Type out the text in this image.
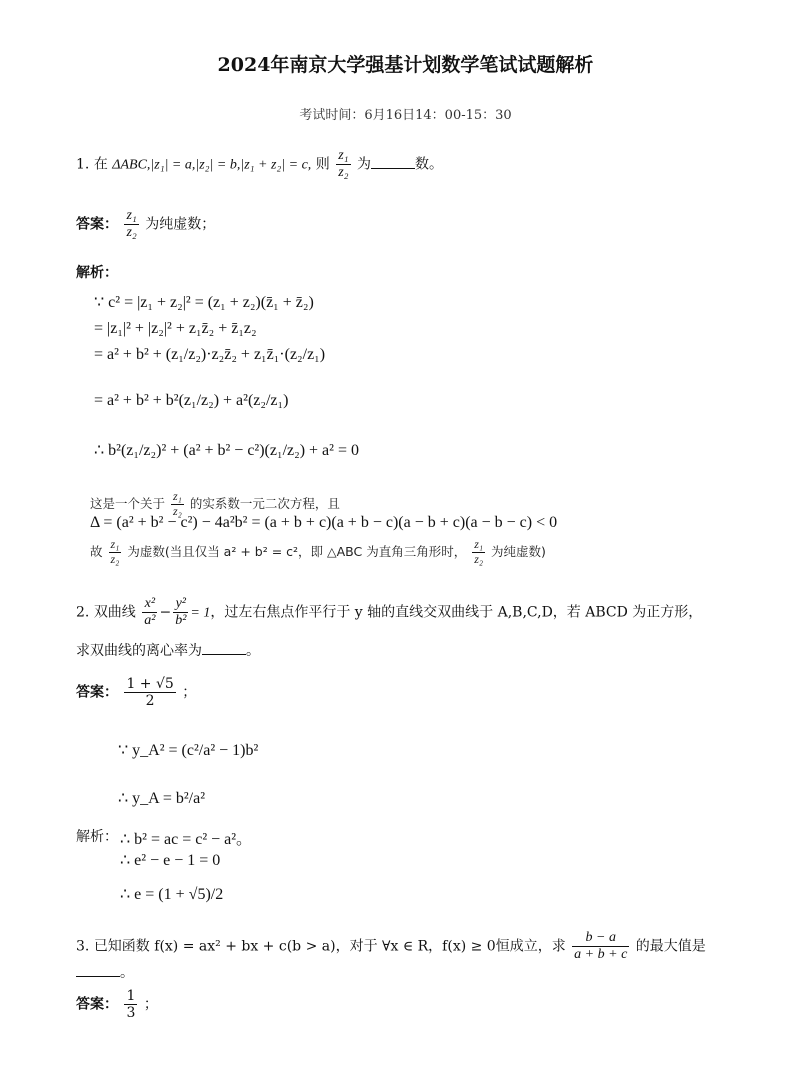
2024年南京大学强基计划数学笔试试题解析
考试时间：6月16日14：00-15：30
1. 在 ΔABC,|z₁| = a,|z₂| = b,|z₁ + z₂| = c, 则 $\frac{\text{z₁}}{\text{z₂}}$ 为	数。
答案： $\frac{\text{z₁}}{\text{z₂}}$ 为纯虚数；
解析：
∵ c² = |z₁ + z₂|² = (z₁ + z₂)(z̄₁ + z̄₂)
= |z₁|² + |z₂|² + z₁z̄₂ + z̄₁z₂
= a² + b² + (z₁/z₂)·z₂z̄₂ + z₁z̄₁·(z₂/z₁)
= a² + b² + b²(z₁/z₂) + a²(z₂/z₁)
∴ b²(z₁/z₂)² + (a² + b² − c²)(z₁/z₂) + a² = 0
这是一个关于 $\frac{\text{z₁}}{\text{z₂}}$ 的实系数一元二次方程，且
Δ = (a² + b² − c²) − 4a²b² = (a + b + c)(a + b − c)(a − b + c)(a − b − c) < 0
故 $\frac{\text{z₁}}{\text{z₂}}$ 为虚数(当且仅当 a² + b² = c²，即 △ABC 为直角三角形时， $\frac{\text{z₁}}{\text{z₂}}$ 为纯虚数)
2. 双曲线 $\frac{\text{x²}}{\text{a²}} - \frac{\text{y²}}{\text{b²}} = 1$，过左右焦点作平行于 y 轴的直线交双曲线于 A,B,C,D，若 ABCD 为正方形，
求双曲线的离心率为	。
答案： $\frac{1 + √5}{2}$ ；
∵ y_A² = (c²/a² − 1)b²
∴ y_A = b²/a²
解析： ∴ b² = ac = c² − a²。
∴ e² − e − 1 = 0
∴ e = (1 + √5)/2
3. 已知函数 f(x) = ax² + bx + c(b > a)，对于 ∀x ∈ R，f(x) ≥ 0恒成立，求 $\frac{b - a}{a + b + c}$ 的最大值是
。
答案： $\frac{1}{3}$ ；
